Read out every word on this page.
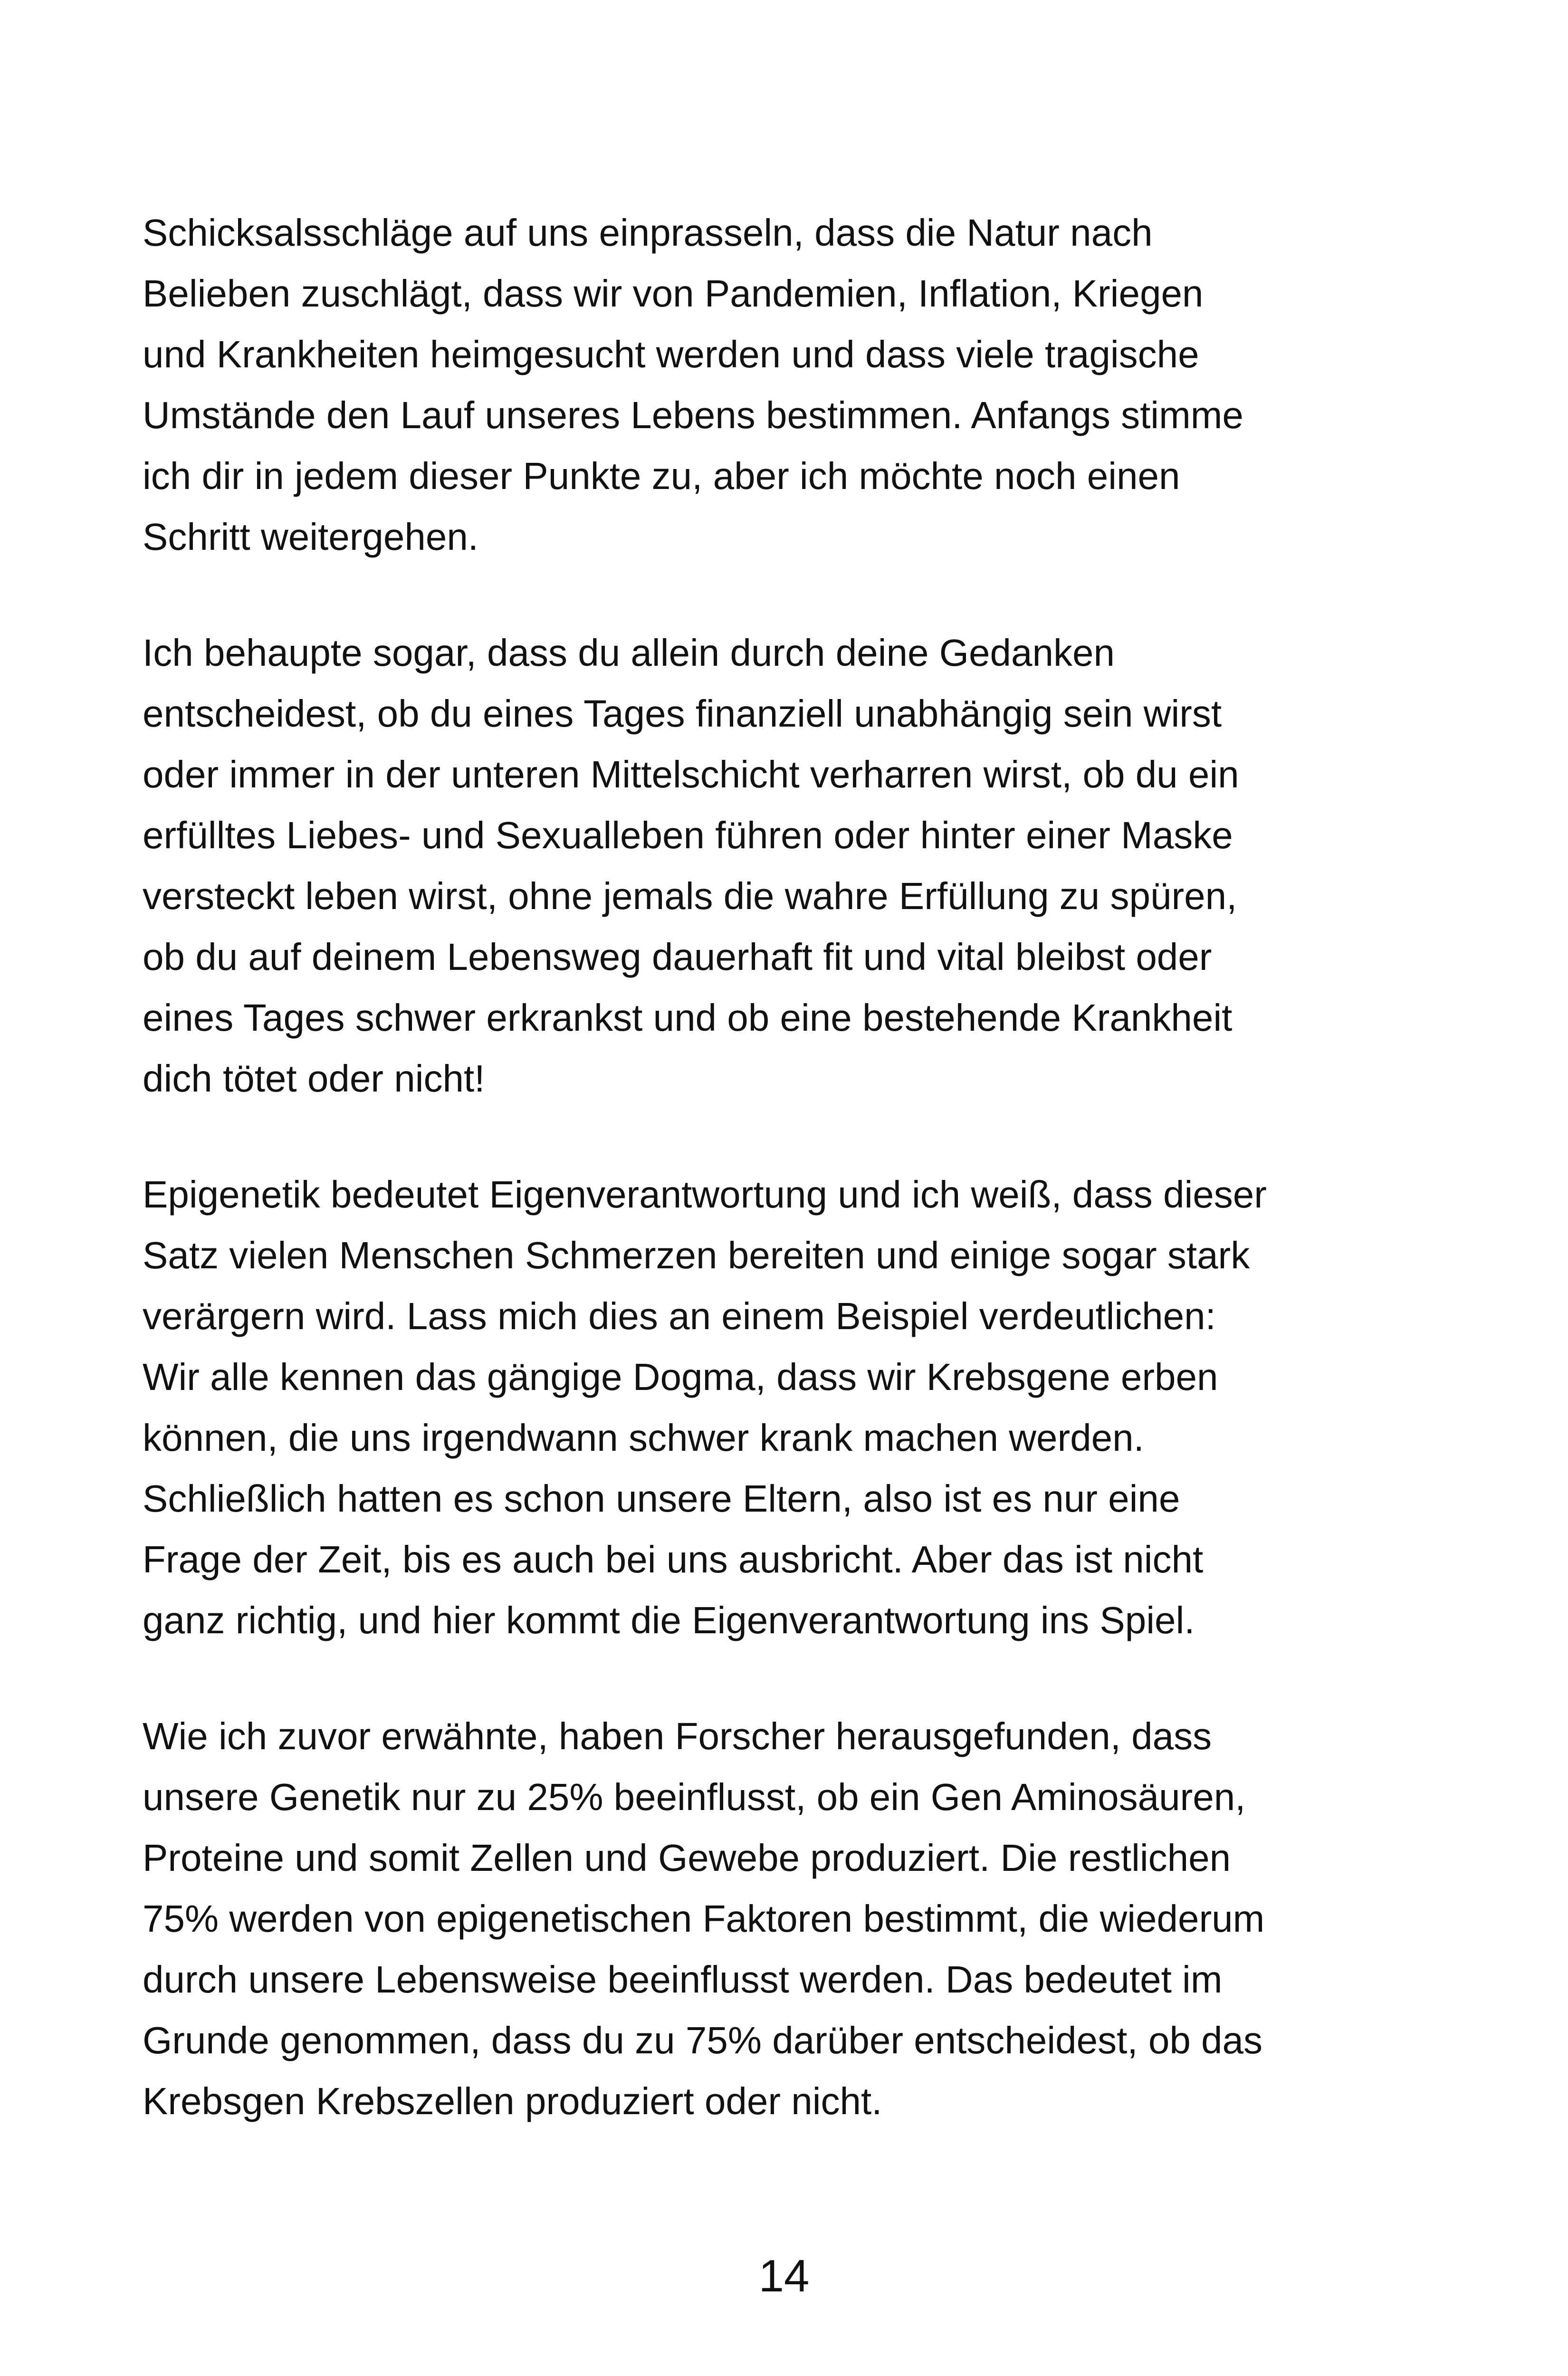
Schicksalsschläge auf uns einprasseln, dass die Natur nach
Belieben zuschlägt, dass wir von Pandemien, Inflation, Kriegen
und Krankheiten heimgesucht werden und dass viele tragische
Umstände den Lauf unseres Lebens bestimmen. Anfangs stimme
ich dir in jedem dieser Punkte zu, aber ich möchte noch einen
Schritt weitergehen.
Ich behaupte sogar, dass du allein durch deine Gedanken
entscheidest, ob du eines Tages finanziell unabhängig sein wirst
oder immer in der unteren Mittelschicht verharren wirst, ob du ein
erfülltes Liebes- und Sexualleben führen oder hinter einer Maske
versteckt leben wirst, ohne jemals die wahre Erfüllung zu spüren,
ob du auf deinem Lebensweg dauerhaft fit und vital bleibst oder
eines Tages schwer erkrankst und ob eine bestehende Krankheit
dich tötet oder nicht!
Epigenetik bedeutet Eigenverantwortung und ich weiß, dass dieser
Satz vielen Menschen Schmerzen bereiten und einige sogar stark
verärgern wird. Lass mich dies an einem Beispiel verdeutlichen:
Wir alle kennen das gängige Dogma, dass wir Krebsgene erben
können, die uns irgendwann schwer krank machen werden.
Schließlich hatten es schon unsere Eltern, also ist es nur eine
Frage der Zeit, bis es auch bei uns ausbricht. Aber das ist nicht
ganz richtig, und hier kommt die Eigenverantwortung ins Spiel.
Wie ich zuvor erwähnte, haben Forscher herausgefunden, dass
unsere Genetik nur zu 25% beeinflusst, ob ein Gen Aminosäuren,
Proteine und somit Zellen und Gewebe produziert. Die restlichen
75% werden von epigenetischen Faktoren bestimmt, die wiederum
durch unsere Lebensweise beeinflusst werden. Das bedeutet im
Grunde genommen, dass du zu 75% darüber entscheidest, ob das
Krebsgen Krebszellen produziert oder nicht.
14
